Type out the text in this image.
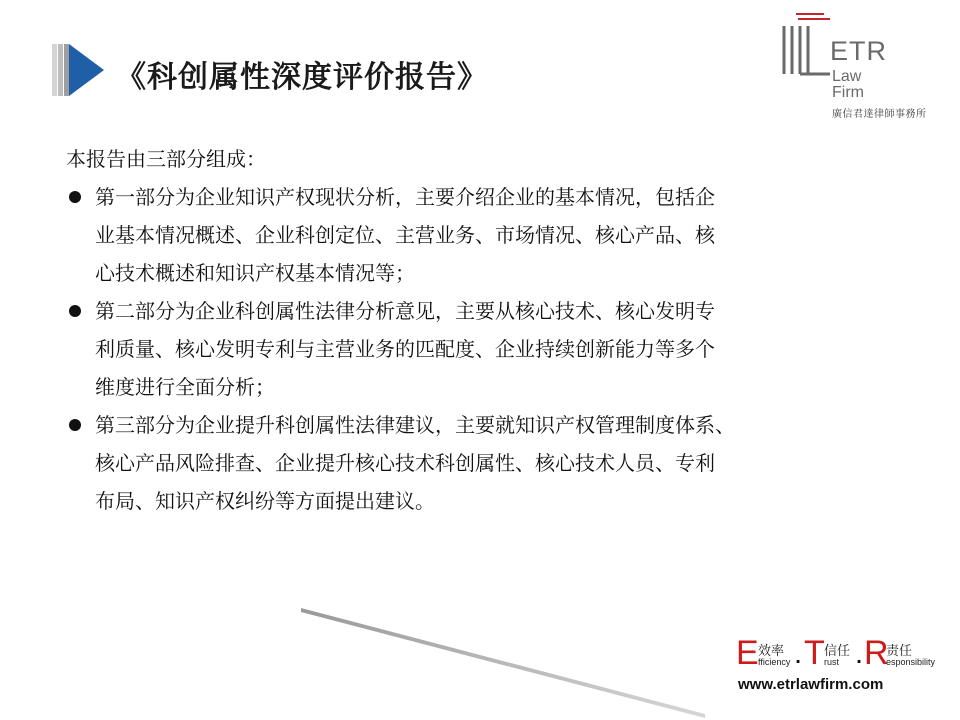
《科创属性深度评价报告》
ETR
Law
Firm
廣信君達律師事務所

本报告由三部分组成：

第一部分为企业知识产权现状分析，主要介绍企业的基本情况，包括企
业基本情况概述、企业科创定位、主营业务、市场情况、核心产品、核
心技术概述和知识产权基本情况等；
第二部分为企业科创属性法律分析意见，主要从核心技术、核心发明专
利质量、核心发明专利与主营业务的匹配度、企业持续创新能力等多个
维度进行全面分析；
第三部分为企业提升科创属性法律建议，主要就知识产权管理制度体系、
核心产品风险排查、企业提升核心技术科创属性、核心技术人员、专利
布局、知识产权纠纷等方面提出建议。
E 效率
fficiency . T 信任
rust . R
责任
esponsibility
www.etrlawfirm.com
